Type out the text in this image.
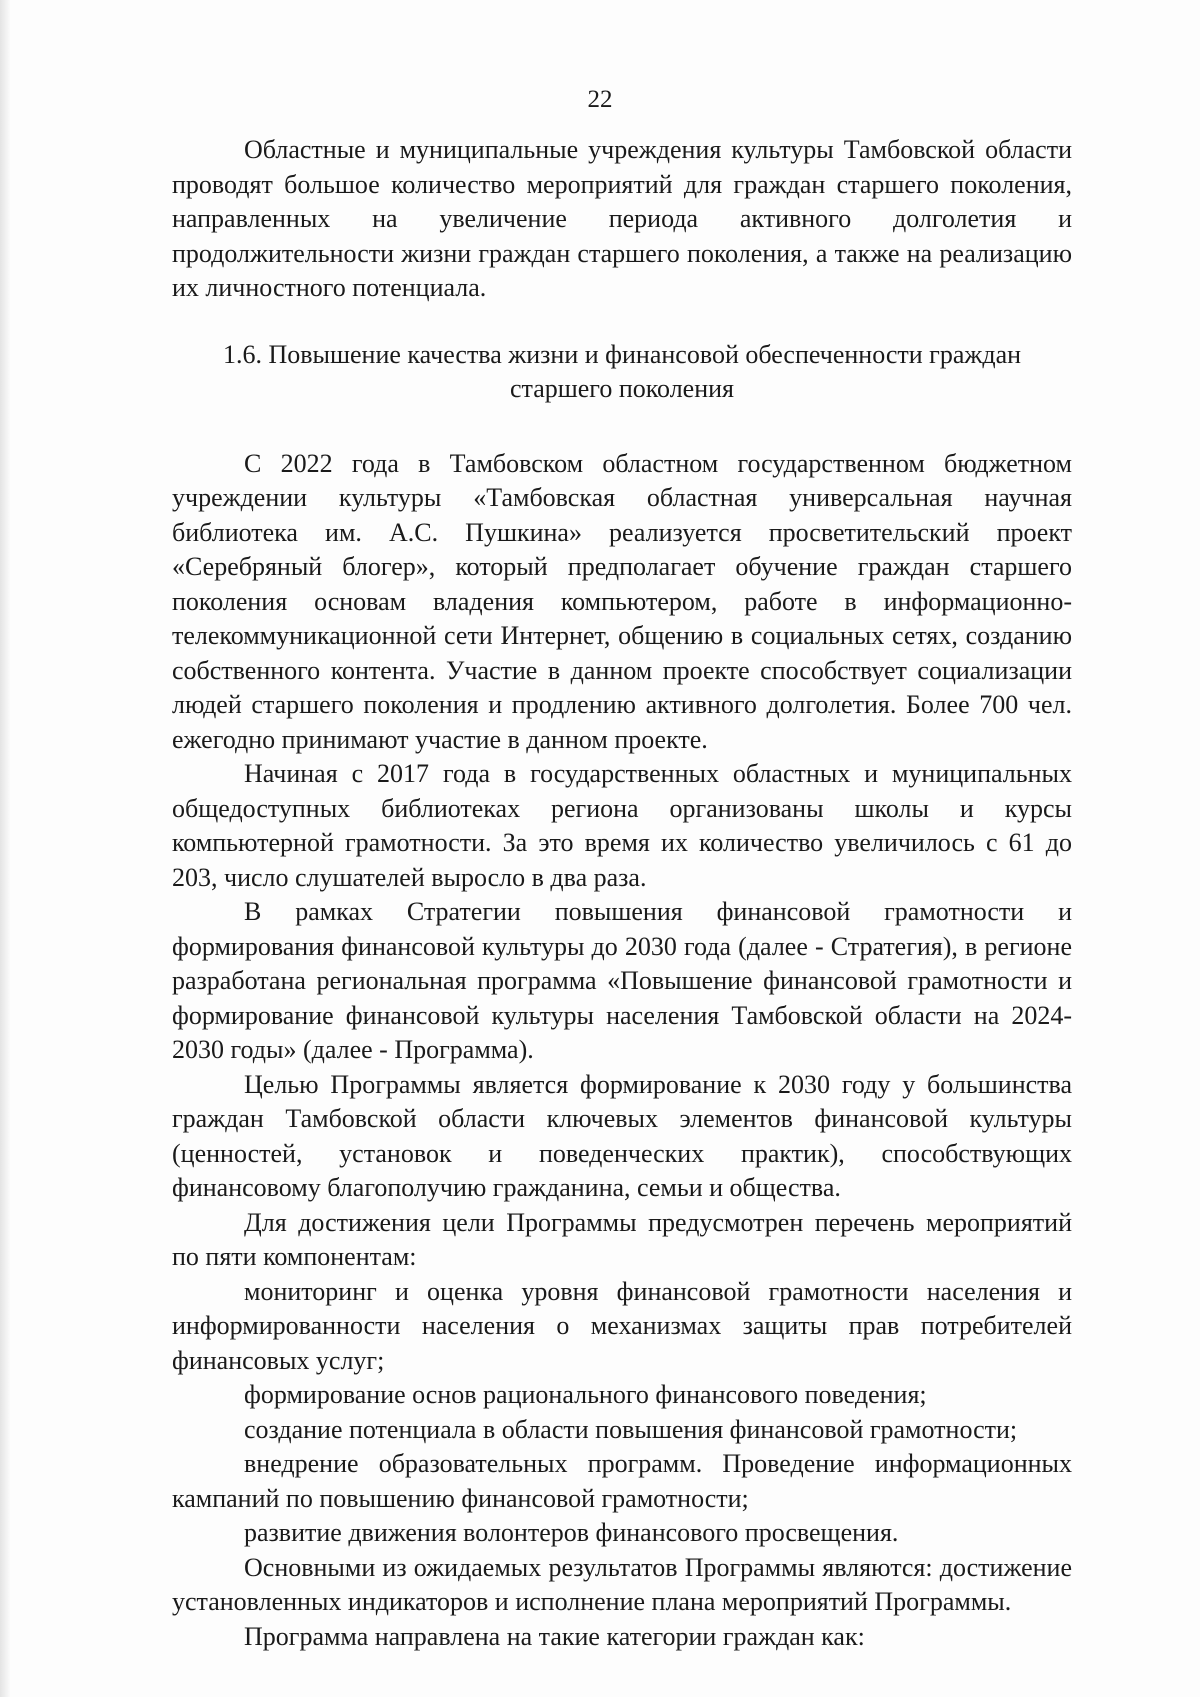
22

Областные и муниципальные учреждения культуры Тамбовской области проводят большое количество мероприятий для граждан старшего поколения, направленных на увеличение периода активного долголетия и продолжительности жизни граждан старшего поколения, а также на реализацию их личностного потенциала.

1.6. Повышение качества жизни и финансовой обеспеченности граждан старшего поколения

С 2022 года в Тамбовском областном государственном бюджетном учреждении культуры «Тамбовская областная универсальная научная библиотека им. А.С. Пушкина» реализуется просветительский проект «Серебряный блогер», который предполагает обучение граждан старшего поколения основам владения компьютером, работе в информационно-телекоммуникационной сети Интернет, общению в социальных сетях, созданию собственного контента. Участие в данном проекте способствует социализации людей старшего поколения и продлению активного долголетия. Более 700 чел. ежегодно принимают участие в данном проекте.

Начиная с 2017 года в государственных областных и муниципальных общедоступных библиотеках региона организованы школы и курсы компьютерной грамотности. За это время их количество увеличилось с 61 до 203, число слушателей выросло в два раза.

В рамках Стратегии повышения финансовой грамотности и формирования финансовой культуры до 2030 года (далее - Стратегия), в регионе разработана региональная программа «Повышение финансовой грамотности и формирование финансовой культуры населения Тамбовской области на 2024-2030 годы» (далее - Программа).

Целью Программы является формирование к 2030 году у большинства граждан Тамбовской области ключевых элементов финансовой культуры (ценностей, установок и поведенческих практик), способствующих финансовому благополучию гражданина, семьи и общества.

Для достижения цели Программы предусмотрен перечень мероприятий по пяти компонентам:

мониторинг и оценка уровня финансовой грамотности населения и информированности населения о механизмах защиты прав потребителей финансовых услуг;

формирование основ рационального финансового поведения;

создание потенциала в области повышения финансовой грамотности;

внедрение образовательных программ. Проведение информационных кампаний по повышению финансовой грамотности;

развитие движения волонтеров финансового просвещения.

Основными из ожидаемых результатов Программы являются: достижение установленных индикаторов и исполнение плана мероприятий Программы.

Программа направлена на такие категории граждан как:
